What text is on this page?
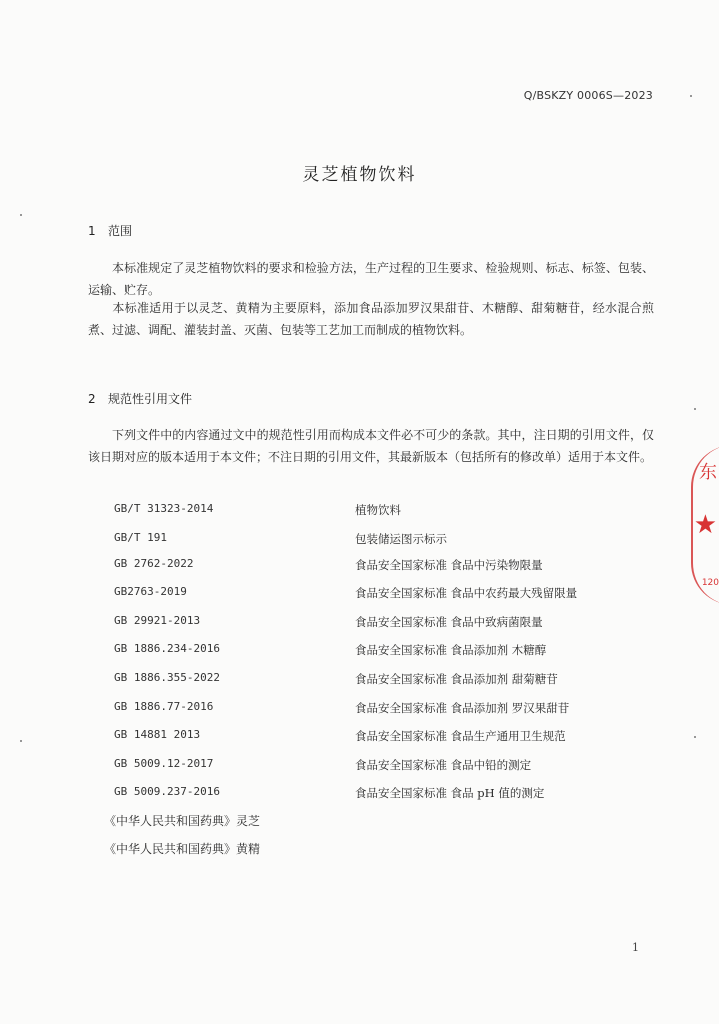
Q/BSKZY 0006S—2023
灵芝植物饮料
1 范围
本标准规定了灵芝植物饮料的要求和检验方法，生产过程的卫生要求、检验规则、标志、标签、包装、运输、贮存。
本标准适用于以灵芝、黄精为主要原料，添加食品添加罗汉果甜苷、木糖醇、甜菊糖苷，经水混合煎煮、过滤、调配、灌装封盖、灭菌、包装等工艺加工而制成的植物饮料。
2 规范性引用文件
下列文件中的内容通过文中的规范性引用而构成本文件必不可少的条款。其中，注日期的引用文件，仅该日期对应的版本适用于本文件；不注日期的引用文件，其最新版本（包括所有的修改单）适用于本文件。
GB/T 31323-2014	植物饮料
GB/T 191	包装储运图示标示
GB 2762-2022	食品安全国家标准 食品中污染物限量
GB2763-2019	食品安全国家标准 食品中农药最大残留限量
GB 29921-2013	食品安全国家标准 食品中致病菌限量
GB 1886.234-2016	食品安全国家标准 食品添加剂 木糖醇
GB 1886.355-2022	食品安全国家标准 食品添加剂 甜菊糖苷
GB 1886.77-2016	食品安全国家标准 食品添加剂 罗汉果甜苷
GB 14881 2013	食品安全国家标准 食品生产通用卫生规范
GB 5009.12-2017	食品安全国家标准 食品中铅的测定
GB 5009.237-2016	食品安全国家标准 食品 pH 值的测定
《中华人民共和国药典》灵芝
《中华人民共和国药典》黄精
1
东
★
120
